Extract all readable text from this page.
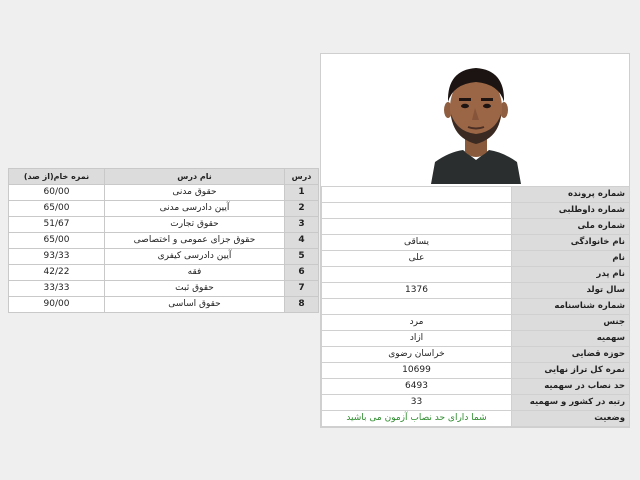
نمره خام(از صد)	نام درس	درس
60/00	حقوق مدنی	1
65/00	آیین دادرسی مدنی	2
51/67	حقوق تجارت	3
65/00	حقوق جزای عمومی و اختصاصی	4
93/33	آیین دادرسی کیفری	5
42/22	فقه	6
33/33	حقوق ثبت	7
90/00	حقوق اساسی	8
	شماره پرونده
	شماره داوطلبی
	شماره ملی
یساقی	نام خانوادگی
علی	نام
	نام پدر
1376	سال تولد
	شماره شناسنامه
مرد	جنس
ازاد	سهمیه
خراسان رضوی	حوزه قضایی
10699	نمره کل تراز نهایی
6493	حد نصاب در سهمیه
33	رتبه در کشور و سهمیه
شما دارای حد نصاب آزمون می باشید	وضعیت
